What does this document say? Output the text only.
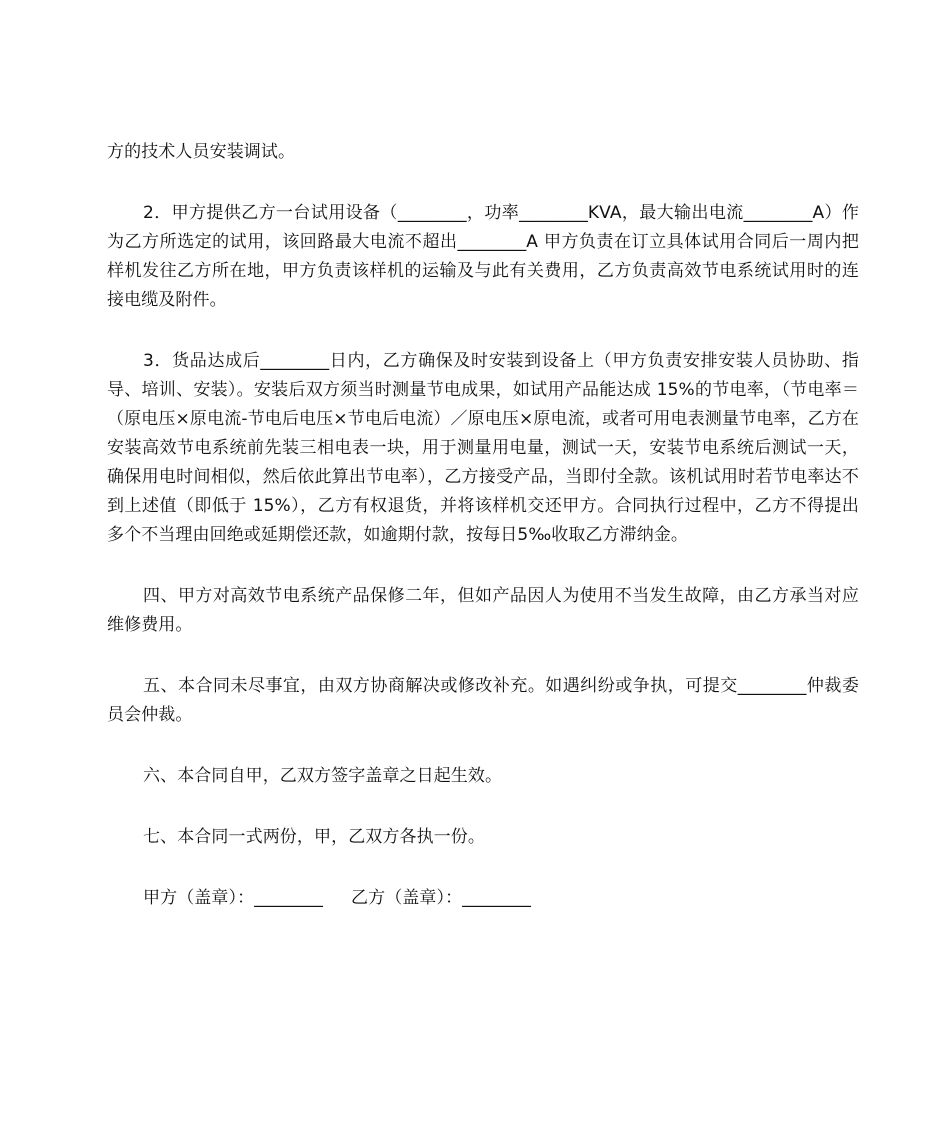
方的技术人员安装调试。

2．甲方提供乙方一台试用设备（________，功率________KVA，最大输出电流________A）作为乙方所选定的试用，该回路最大电流不超出________A 甲方负责在订立具体试用合同后一周内把样机发往乙方所在地，甲方负责该样机的运输及与此有关费用，乙方负责高效节电系统试用时的连接电缆及附件。

3．货品达成后________日内，乙方确保及时安装到设备上（甲方负责安排安装人员协助、指导、培训、安装）。安装后双方须当时测量节电成果，如试用产品能达成 15%的节电率，（节电率＝（原电压×原电流-节电后电压×节电后电流）／原电压×原电流，或者可用电表测量节电率，乙方在安装高效节电系统前先装三相电表一块，用于测量用电量，测试一天，安装节电系统后测试一天，确保用电时间相似，然后依此算出节电率），乙方接受产品，当即付全款。该机试用时若节电率达不到上述值（即低于 15%），乙方有权退货，并将该样机交还甲方。合同执行过程中，乙方不得提出多个不当理由回绝或延期偿还款，如逾期付款，按每日5‰收取乙方滞纳金。

四、甲方对高效节电系统产品保修二年，但如产品因人为使用不当发生故障，由乙方承当对应维修费用。

五、本合同未尽事宜，由双方协商解决或修改补充。如遇纠纷或争执，可提交________仲裁委员会仲裁。

六、本合同自甲，乙双方签字盖章之日起生效。

七、本合同一式两份，甲，乙双方各执一份。

甲方（盖章）：________ 乙方（盖章）：________
